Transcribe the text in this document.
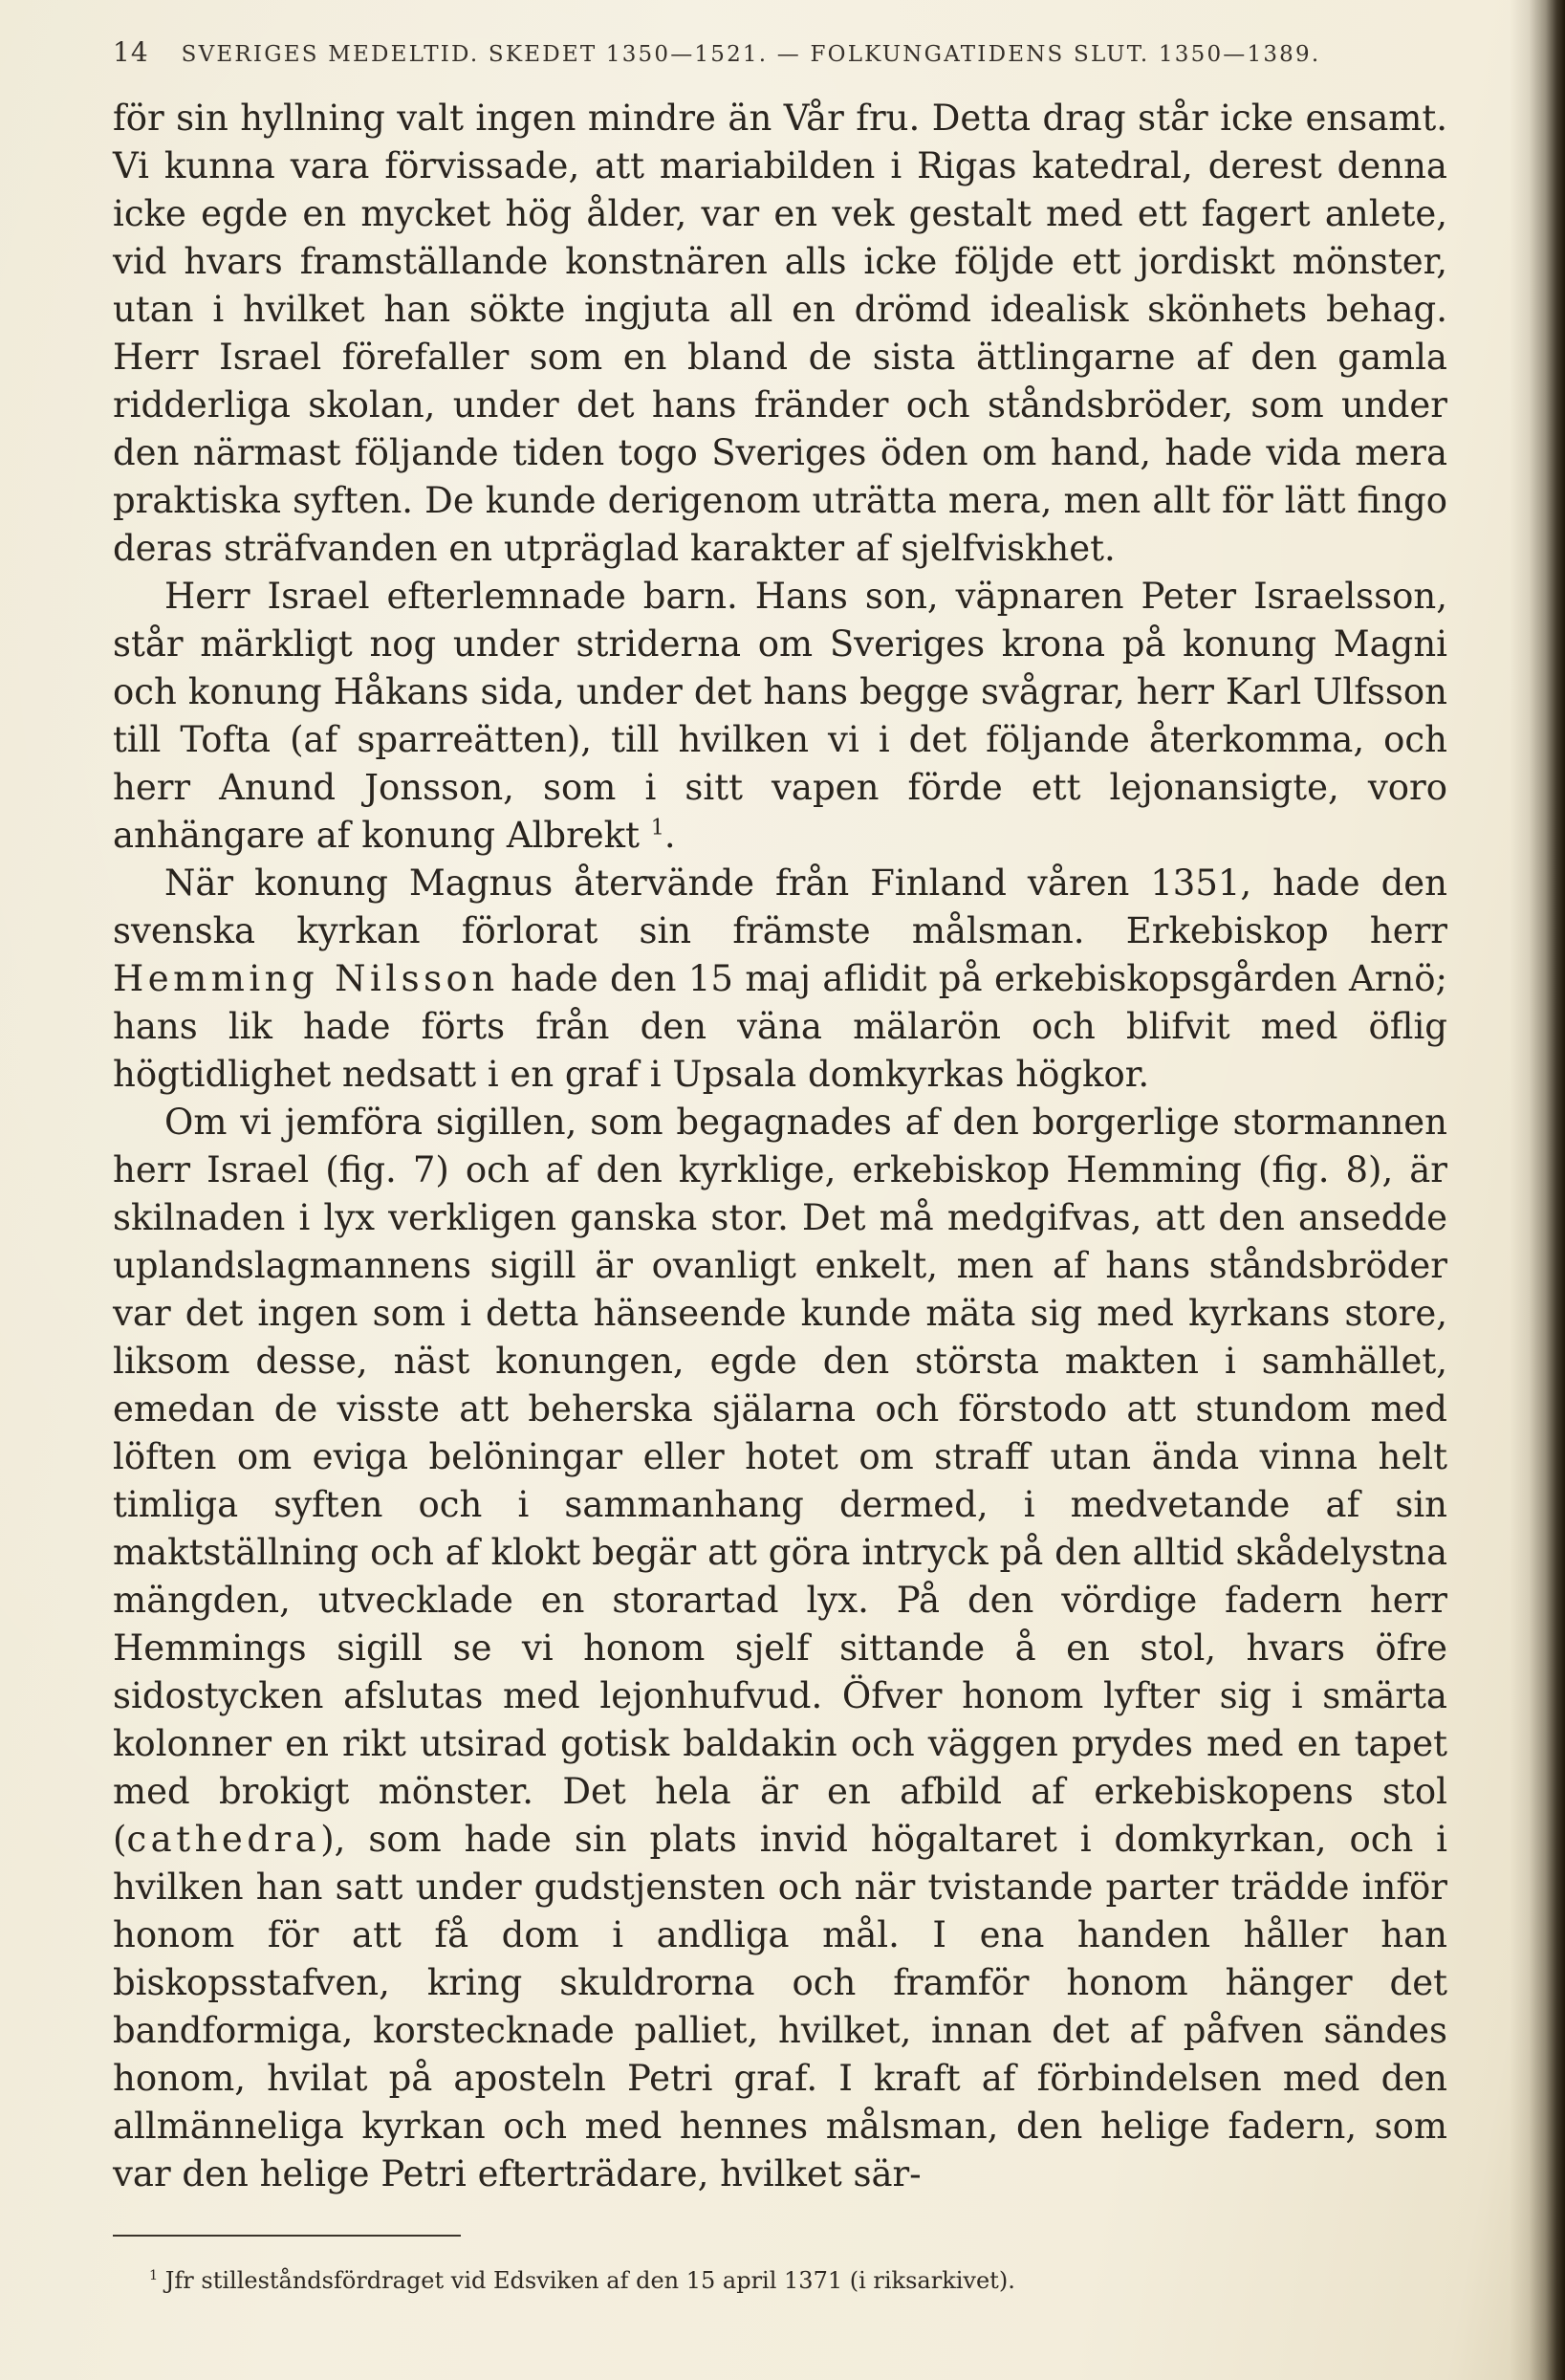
14 SVERIGES MEDELTID. SKEDET 1350—1521. — FOLKUNGATIDENS SLUT. 1350—1389.

för sin hyllning valt ingen mindre än Vår fru. Detta drag står icke ensamt. Vi kunna vara förvissade, att mariabilden i Rigas katedral, derest denna icke egde en mycket hög ålder, var en vek gestalt med ett fagert anlete, vid hvars framställande konstnären alls icke följde ett jordiskt mönster, utan i hvilket han sökte ingjuta all en drömd idealisk skönhets behag. Herr Israel förefaller som en bland de sista ättlingarne af den gamla ridderliga skolan, under det hans fränder och ståndsbröder, som under den närmast följande tiden togo Sveriges öden om hand, hade vida mera praktiska syften. De kunde derigenom uträtta mera, men allt för lätt fingo deras sträfvanden en utpräglad karakter af sjelfviskhet.

Herr Israel efterlemnade barn. Hans son, väpnaren Peter Israelsson, står märkligt nog under striderna om Sveriges krona på konung Magni och konung Håkans sida, under det hans begge svågrar, herr Karl Ulfsson till Tofta (af sparreätten), till hvilken vi i det följande återkomma, och herr Anund Jonsson, som i sitt vapen förde ett lejonansigte, voro anhängare af konung Albrekt $^1$.

När konung Magnus återvände från Finland våren 1351, hade den svenska kyrkan förlorat sin främste målsman. Erkebiskop herr Hemming Nilsson hade den 15 maj aflidit på erkebiskopsgården Arnö; hans lik hade förts från den väna mälarön och blifvit med öflig högtidlighet nedsatt i en graf i Upsala domkyrkas högkor.

Om vi jemföra sigillen, som begagnades af den borgerlige stormannen herr Israel (fig. 7) och af den kyrklige, erkebiskop Hemming (fig. 8), är skilnaden i lyx verkligen ganska stor. Det må medgifvas, att den ansedde uplandslagmannens sigill är ovanligt enkelt, men af hans ståndsbröder var det ingen som i detta hänseende kunde mäta sig med kyrkans store, liksom desse, näst konungen, egde den största makten i samhället, emedan de visste att beherska själarna och förstodo att stundom med löften om eviga belöningar eller hotet om straff utan ända vinna helt timliga syften och i sammanhang dermed, i medvetande af sin maktställning och af klokt begär att göra intryck på den alltid skådelystna mängden, utvecklade en storartad lyx. På den vördige fadern herr Hemmings sigill se vi honom sjelf sittande å en stol, hvars öfre sidostycken afslutas med lejonhufvud. Öfver honom lyfter sig i smärta kolonner en rikt utsirad gotisk baldakin och väggen prydes med en tapet med brokigt mönster. Det hela är en afbild af erkebiskopens stol (cathedra), som hade sin plats invid högaltaret i domkyrkan, och i hvilken han satt under gudstjensten och när tvistande parter trädde inför honom för att få dom i andliga mål. I ena handen håller han biskopsstafven, kring skuldrorna och framför honom hänger det bandformiga, korstecknade palliet, hvilket, innan det af påfven sändes honom, hvilat på aposteln Petri graf. I kraft af förbindelsen med den allmänneliga kyrkan och med hennes målsman, den helige fadern, som var den helige Petri efterträdare, hvilket sär-

$^1$ Jfr stilleståndsfördraget vid Edsviken af den 15 april 1371 (i riksarkivet).
